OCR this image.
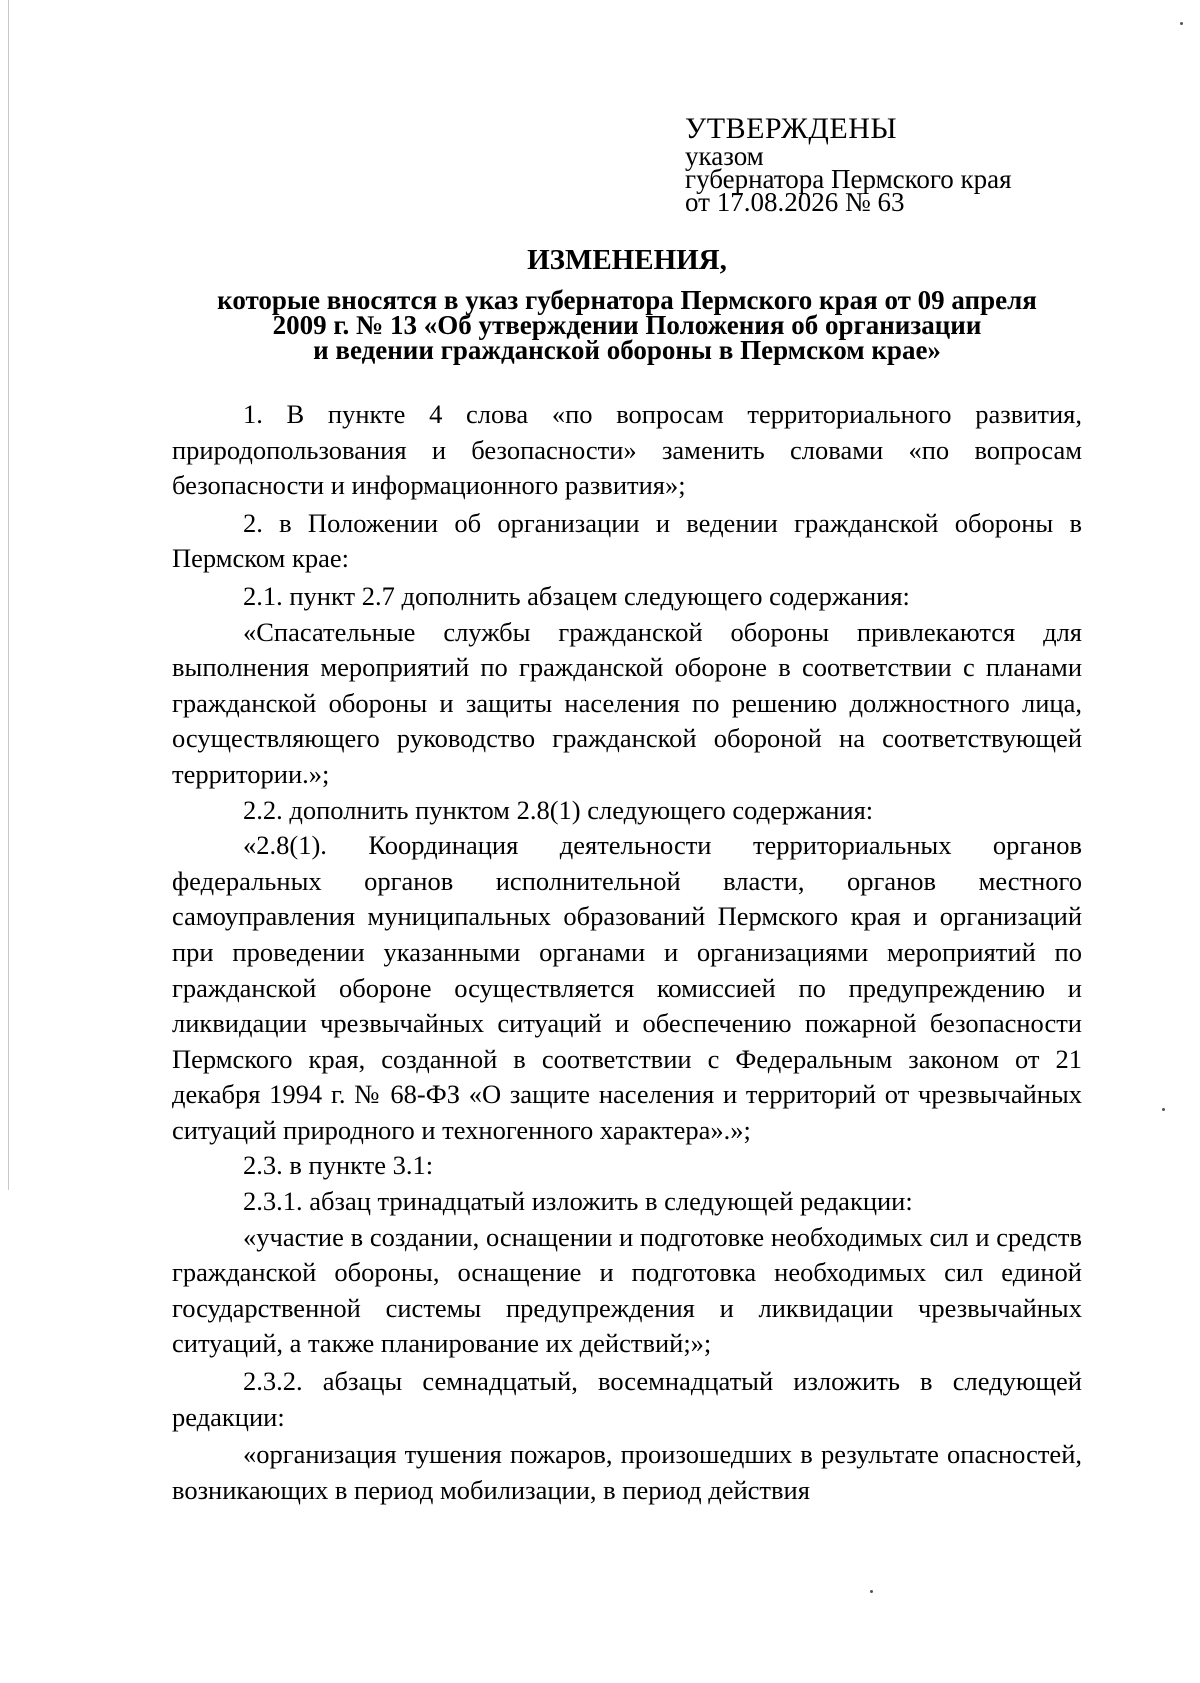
УТВЕРЖДЕНЫ
указом
губернатора Пермского края
от 17.08.2026 № 63
ИЗМЕНЕНИЯ,
которые вносятся в указ губернатора Пермского края от 09 апреля
2009 г. № 13 «Об утверждении Положения об организации
и ведении гражданской обороны в Пермском крае»

1. В пункте 4 слова «по вопросам территориального развития, природопользования и безопасности» заменить словами «по вопросам безопасности и информационного развития»;

2. в Положении об организации и ведении гражданской обороны в Пермском крае:

2.1. пункт 2.7 дополнить абзацем следующего содержания:

«Спасательные службы гражданской обороны привлекаются для выполнения мероприятий по гражданской обороне в соответствии с планами гражданской обороны и защиты населения по решению должностного лица, осуществляющего руководство гражданской обороной на соответствующей территории.»;

2.2. дополнить пунктом 2.8(1) следующего содержания:

«2.8(1). Координация деятельности территориальных органов федеральных органов исполнительной власти, органов местного самоуправления муниципальных образований Пермского края и организаций при проведении указанными органами и организациями мероприятий по гражданской обороне осуществляется комиссией по предупреждению и ликвидации чрезвычайных ситуаций и обеспечению пожарной безопасности Пермского края, созданной в соответствии с Федеральным законом от 21 декабря 1994 г. № 68-ФЗ «О защите населения и территорий от чрезвычайных ситуаций природного и техногенного характера».»;

2.3. в пункте 3.1:

2.3.1. абзац тринадцатый изложить в следующей редакции:

«участие в создании, оснащении и подготовке необходимых сил и средств гражданской обороны, оснащение и подготовка необходимых сил единой государственной системы предупреждения и ликвидации чрезвычайных ситуаций, а также планирование их действий;»;

2.3.2. абзацы семнадцатый, восемнадцатый изложить в следующей редакции:

«организация тушения пожаров, произошедших в результате опасностей, возникающих в период мобилизации, в период действия
